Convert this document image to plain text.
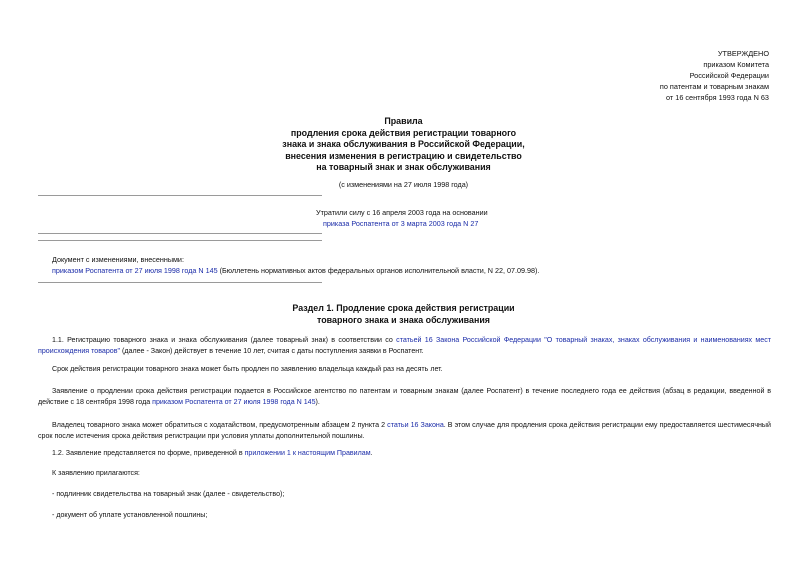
УТВЕРЖДЕНО
приказом Комитета
Российской Федерации
по патентам и товарным знакам
от 16 сентября 1993 года N 63
Правила
продления срока действия регистрации товарного
знака и знака обслуживания в Российской Федерации,
внесения изменения в регистрацию и свидетельство
на товарный знак и знак обслуживания
(с изменениями на 27 июля 1998 года)
Утратили силу с 16 апреля 2003 года на основании
приказа Роспатента от 3 марта 2003 года N 27
Документ с изменениями, внесенными:
приказом Роспатента от 27 июля 1998 года N 145 (Бюллетень нормативных актов федеральных органов исполнительной власти, N 22, 07.09.98).
Раздел 1. Продление срока действия регистрации
товарного знака и знака обслуживания
1.1. Регистрацию товарного знака и знака обслуживания (далее товарный знак) в соответствии со статьей 16 Закона Российской Федерации "О товарный знаках, знаках обслуживания и наименованиях мест происхождения товаров" (далее - Закон) действует в течение 10 лет, считая с даты поступления заявки в Роспатент.
Срок действия регистрации товарного знака может быть продлен по заявлению владельца каждый раз на десять лет.
Заявление о продлении срока действия регистрации подается в Российское агентство по патентам и товарным знакам (далее Роспатент) в течение последнего года ее действия (абзац в редакции, введенной в действие с 18 сентября 1998 года приказом Роспатента от 27 июля 1998 года N 145).
Владелец товарного знака может обратиться с ходатайством, предусмотренным абзацем 2 пункта 2 статьи 16 Закона. В этом случае для продления срока действия регистрации ему предоставляется шестимесячный срок после истечения срока действия регистрации при условия уплаты дополнительной пошлины.
1.2. Заявление представляется по форме, приведенной в приложении 1 к настоящим Правилам.
К заявлению прилагаются:
- подлинник свидетельства на товарный знак (далее - свидетельство);
- документ об уплате установленной пошлины;
